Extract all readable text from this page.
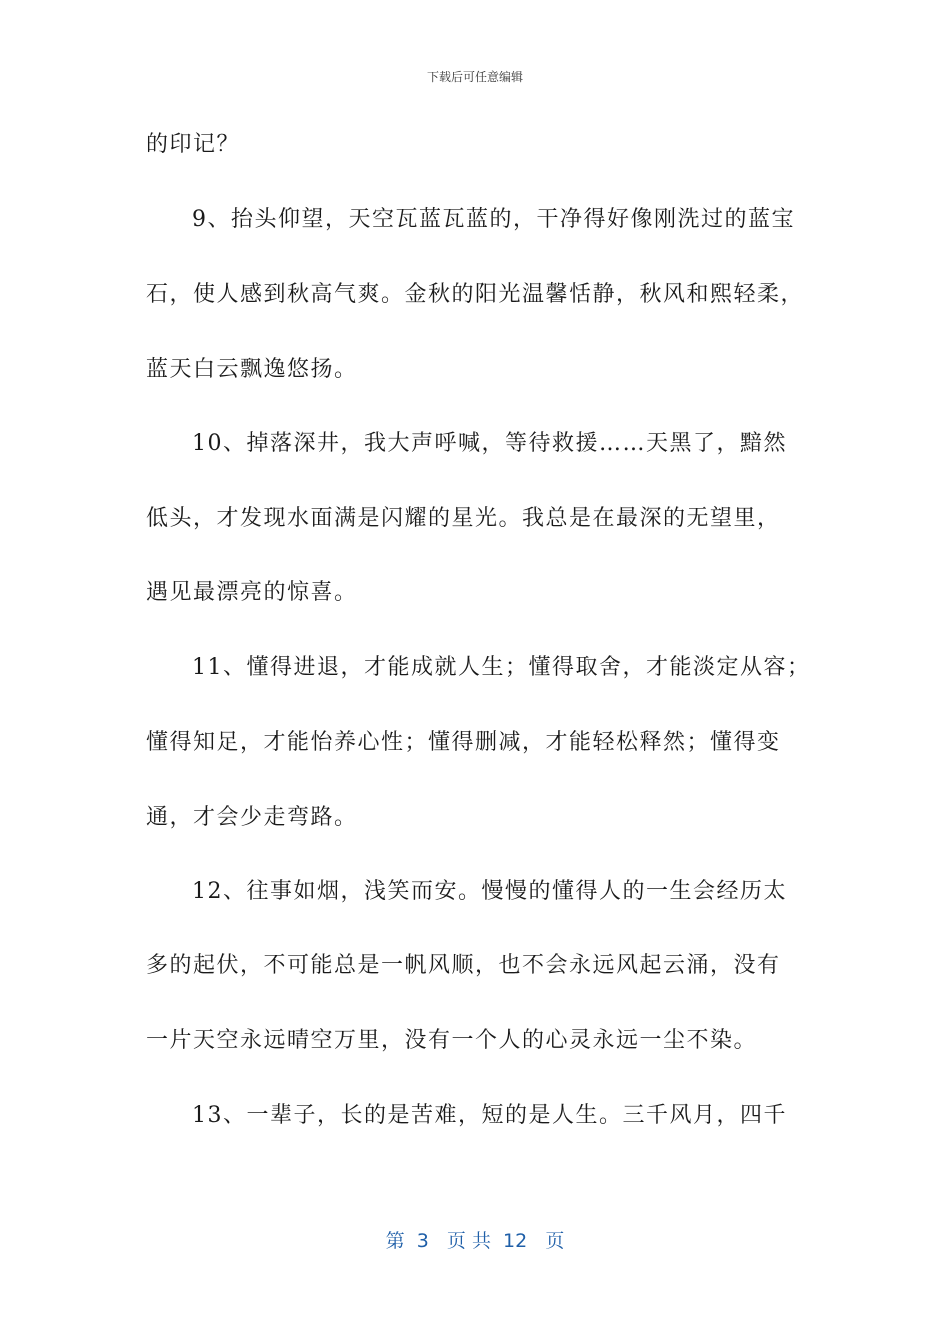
下载后可任意编辑
的印记？
9、抬头仰望，天空瓦蓝瓦蓝的，干净得好像刚洗过的蓝宝
石，使人感到秋高气爽。金秋的阳光温馨恬静，秋风和熙轻柔，
蓝天白云飘逸悠扬。
10、掉落深井，我大声呼喊，等待救援……天黑了，黯然
低头，才发现水面满是闪耀的星光。我总是在最深的无望里，
遇见最漂亮的惊喜。
11、懂得进退，才能成就人生；懂得取舍，才能淡定从容；
懂得知足，才能怡养心性；懂得删减，才能轻松释然；懂得变
通，才会少走弯路。
12、往事如烟，浅笑而安。慢慢的懂得人的一生会经历太
多的起伏，不可能总是一帆风顺，也不会永远风起云涌，没有
一片天空永远晴空万里，没有一个人的心灵永远一尘不染。
13、一辈子，长的是苦难，短的是人生。三千风月，四千
第  3   页 共  12   页
